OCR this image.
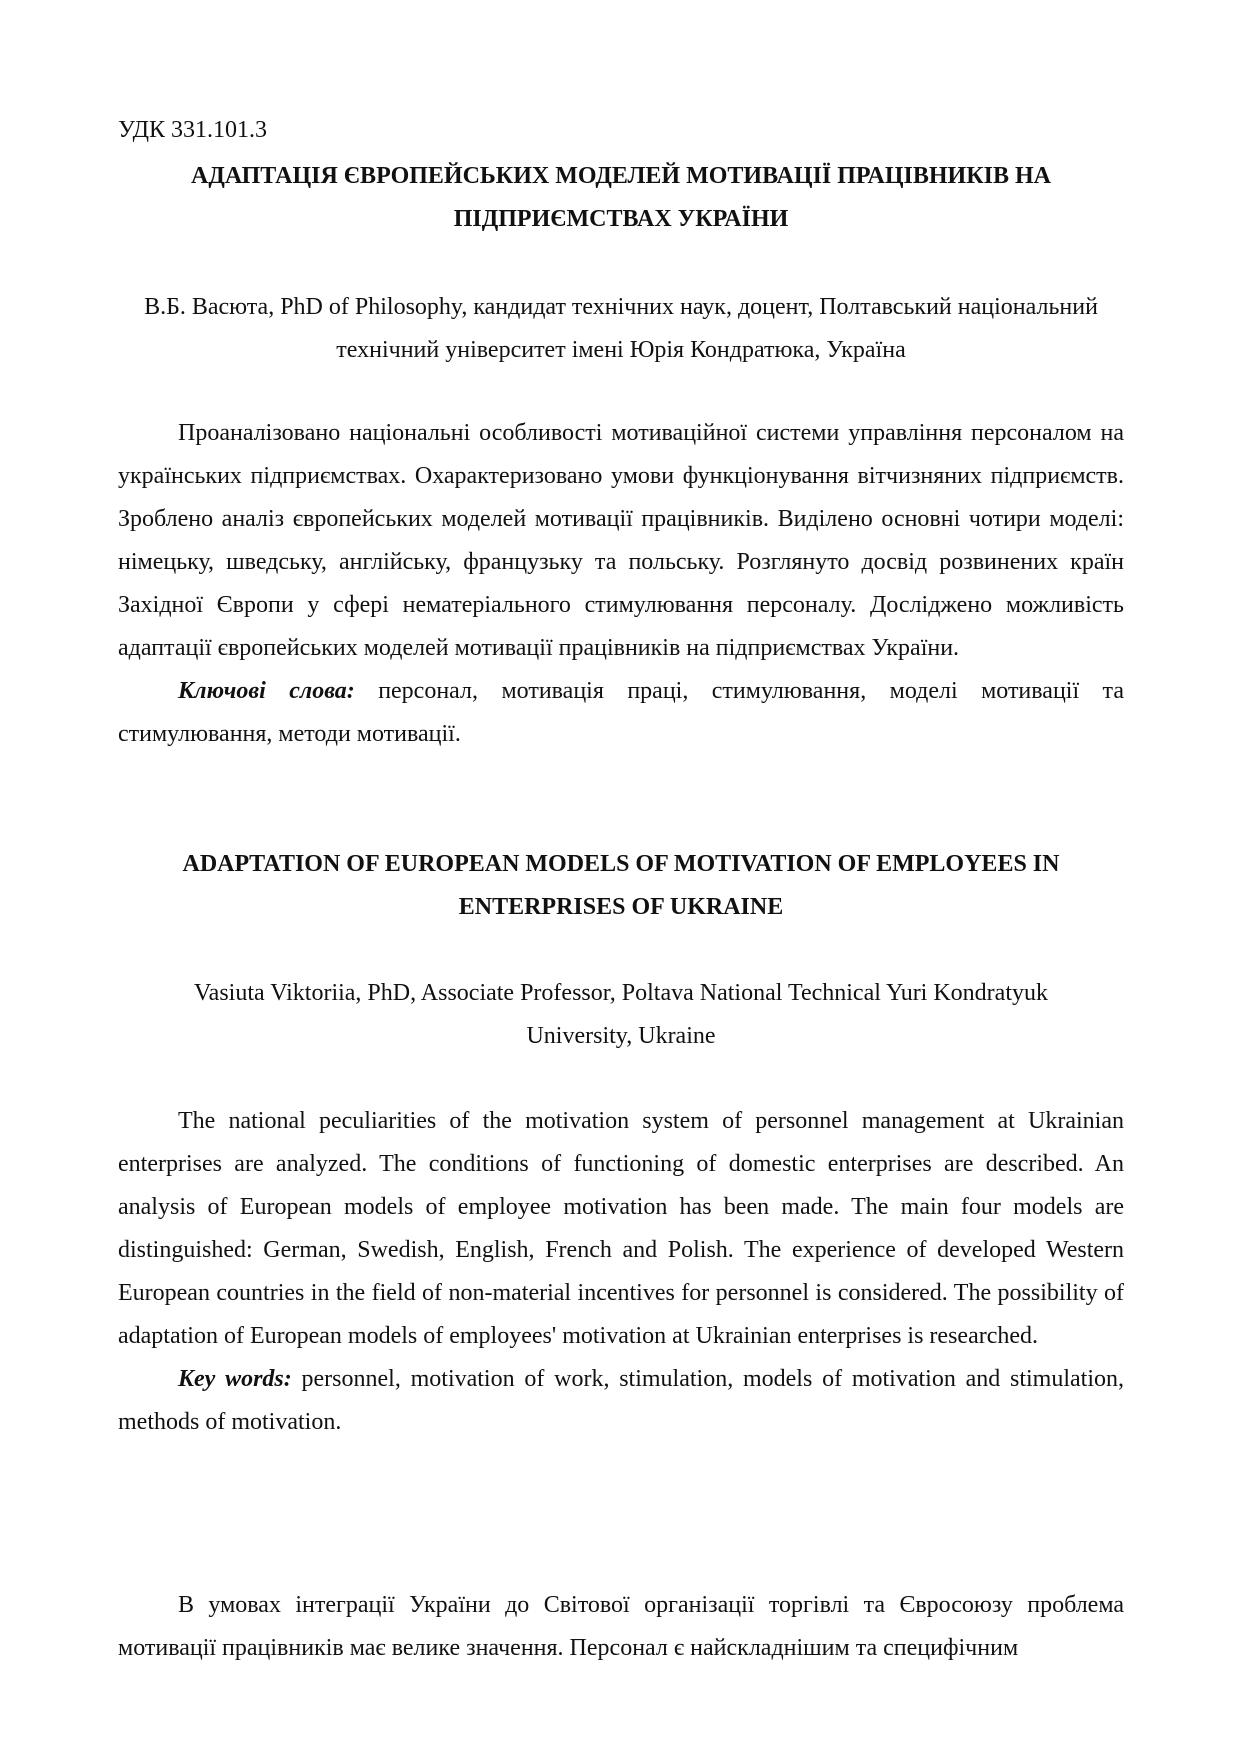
УДК 331.101.3
АДАПТАЦІЯ ЄВРОПЕЙСЬКИХ МОДЕЛЕЙ МОТИВАЦІЇ ПРАЦІВНИКІВ НА
ПІДПРИЄМСТВАХ УКРАЇНИ
В.Б. Васюта, PhD of Philosophy, кандидат технічних наук, доцент, Полтавський національний
технічний університет імені Юрія Кондратюка, Україна

Проаналізовано національні особливості мотиваційної системи управління персоналом на українських підприємствах. Охарактеризовано умови функціонування вітчизняних підприємств. Зроблено аналіз європейських моделей мотивації працівників. Виділено основні чотири моделі: німецьку, шведську, англійську, французьку та польську. Розглянуто досвід розвинених країн Західної Європи у сфері нематеріального стимулювання персоналу. Досліджено можливість адаптації європейських моделей мотивації працівників на підприємствах України.

Ключові слова: персонал, мотивація праці, стимулювання, моделі мотивації та стимулювання, методи мотивації.

ADAPTATION OF EUROPEAN MODELS OF MOTIVATION OF EMPLOYEES IN
ENTERPRISES OF UKRAINE
Vasiuta Viktoriia, PhD, Associate Professor, Poltava National Technical Yuri Kondratyuk
University, Ukraine

The national peculiarities of the motivation system of personnel management at Ukrainian enterprises are analyzed. The conditions of functioning of domestic enterprises are described. An analysis of European models of employee motivation has been made. The main four models are distinguished: German, Swedish, English, French and Polish. The experience of developed Western European countries in the field of non-material incentives for personnel is considered. The possibility of adaptation of European models of employees' motivation at Ukrainian enterprises is researched.

Key words: personnel, motivation of work, stimulation, models of motivation and stimulation, methods of motivation.

В умовах інтеграції України до Світової організації торгівлі та Євросоюзу проблема мотивації працівників має велике значення. Персонал є найскладнішим та специфічним
